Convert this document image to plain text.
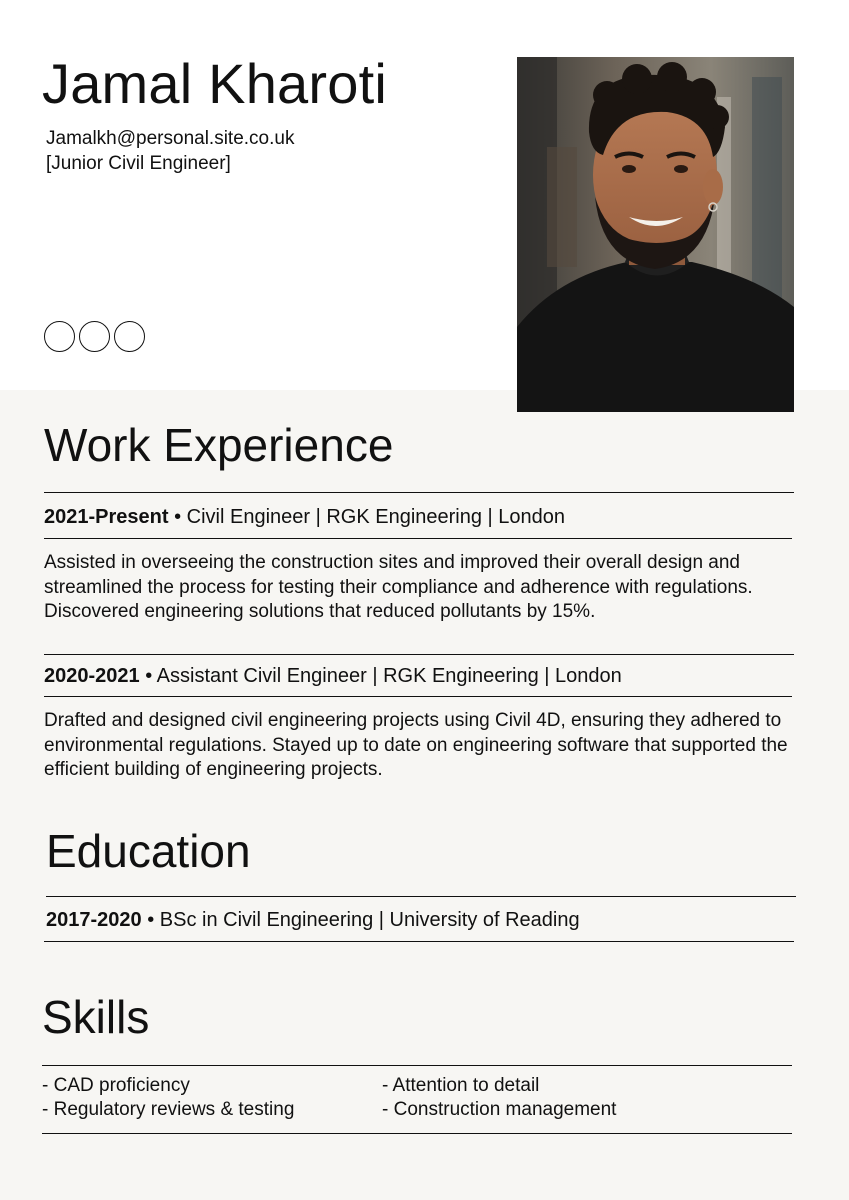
Jamal Kharoti
Jamalkh@personal.site.co.uk
[Junior Civil Engineer]
Work Experience
2021-Present • Civil Engineer | RGK Engineering | London
Assisted in overseeing the construction sites and improved their overall design and streamlined the process for testing their compliance and adherence with regulations. Discovered engineering solutions that reduced pollutants by 15%.
2020-2021 • Assistant Civil Engineer | RGK Engineering | London
Drafted and designed civil engineering projects using Civil 4D, ensuring they adhered to environmental regulations. Stayed up to date on engineering software that supported the efficient building of engineering projects.
Education
2017-2020 • BSc in Civil Engineering | University of Reading
Skills
- CAD proficiency
- Regulatory reviews & testing
- Attention to detail
- Construction management
